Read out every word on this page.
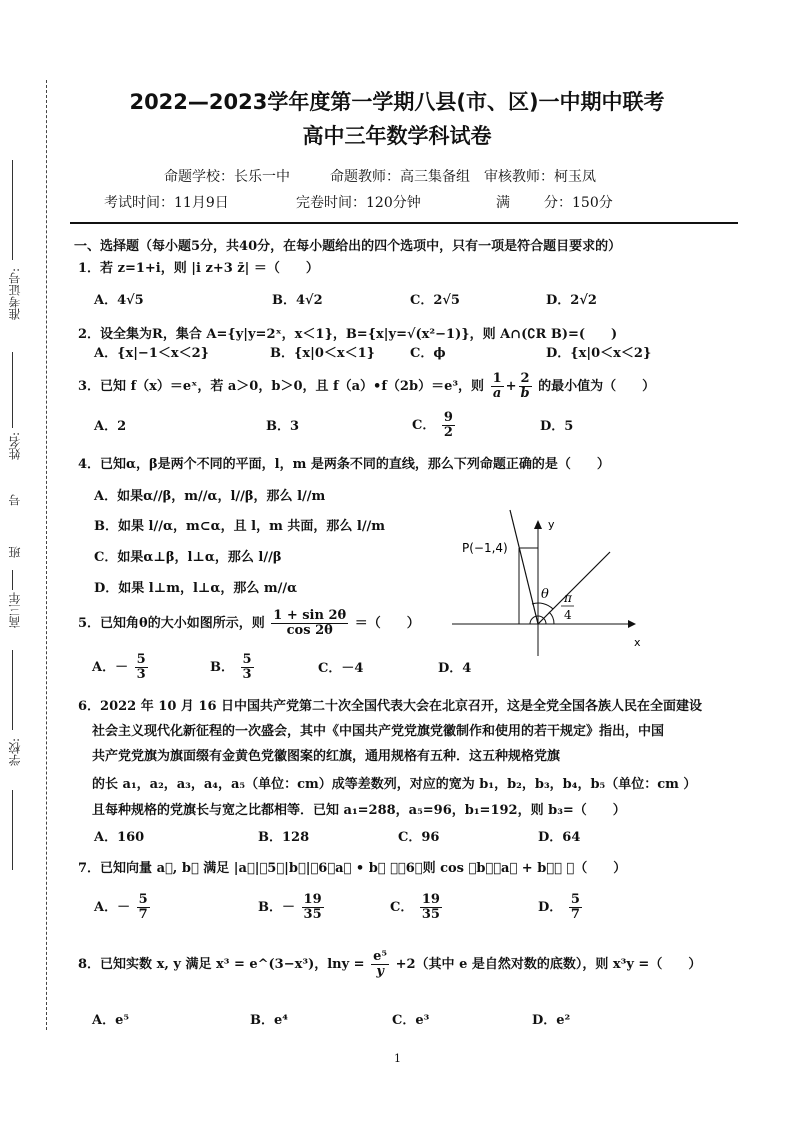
准考证号:
姓名:
号
班
高三年
学校:
2022—2023学年度第一学期八县(市、区)一中期中联考
高中三年数学科试卷
命题学校：长乐一中	命题教师：高三集备组 审核教师：柯玉凤
考试时间：11月9日	完卷时间：120分钟	满 分：150分
一、选择题（每小题5分，共40分，在每小题给出的四个选项中，只有一项是符合题目要求的）
1．若 z=1+i，则 |i z+3 z̄| ＝（　　）
A．4√5	B．4√2	C．2√5	D．2√2
2．设全集为R，集合 A={y|y=2ˣ，x＜1}，B={x|y=√(x²−1)}，则 A∩(∁R B)=(　　)
A．{x|−1＜x＜2}	B．{x|0＜x＜1}	C．ϕ	D．{x|0＜x＜2}
3．已知 f（x）＝eˣ，若 a＞0，b＞0，且 f（a）•f（2b）＝e³，则 $\frac{1}{a} + \frac{2}{b}$ 的最小值为（　　）
A．2	B．3	C． $\frac{9}{2}$	D．5
4．已知α，β是两个不同的平面，l，m 是两条不同的直线，那么下列命题正确的是（　　）
A．如果α//β，m//α，l//β，那么 l//m
B．如果 l//α，m⊂α，且 l，m 共面，那么 l//m
C．如果α⊥β，l⊥α，那么 l//β
D．如果 l⊥m，l⊥α，那么 m//α
P(−1,4)
y
x
θ π
4
5．已知角θ的大小如图所示，则 $\frac{1 + \sin 2\theta}{\cos 2\theta}$ ＝（　　）
A．－ $\frac{5}{3}$	B． $\frac{5}{3}$	C．－4	D．4
6．2022 年 10 月 16 日中国共产党第二十次全国代表大会在北京召开，这是全党全国各族人民在全面建设
社会主义现代化新征程的一次盛会，其中《中国共产党党旗党徽制作和使用的若干规定》指出，中国
共产党党旗为旗面缀有金黄色党徽图案的红旗，通用规格有五种．这五种规格党旗
的长 a₁，a₂，a₃，a₄，a₅（单位：cm）成等差数列，对应的宽为 b₁，b₂，b₃，b₄，b₅（单位：cm ）
且每种规格的党旗长与宽之比都相等．已知 a₁=288，a₅=96，b₁=192，则 b₃=（　　）
A．160	B．128	C．96	D．64
7．已知向量 a⃗, b⃗ 满足 |a⃗|＝5，|b⃗|＝6，a⃗ • b⃗ ＝－6，则 cos ＜b⃗，a⃗ + b⃗＞ ＝（　　）
A．－ $\frac{5}{7}$	B．－ $\frac{19}{35}$	C． $\frac{19}{35}$	D． $\frac{5}{7}$
8．已知实数 x, y 满足 x³ = e^(3−x³)，$\ln y = \frac{\text{e⁵}}{y} +2$（其中 e 是自然对数的底数），则 x³y =（　　）
A．e⁵	B．e⁴	C．e³	D．e²
1
